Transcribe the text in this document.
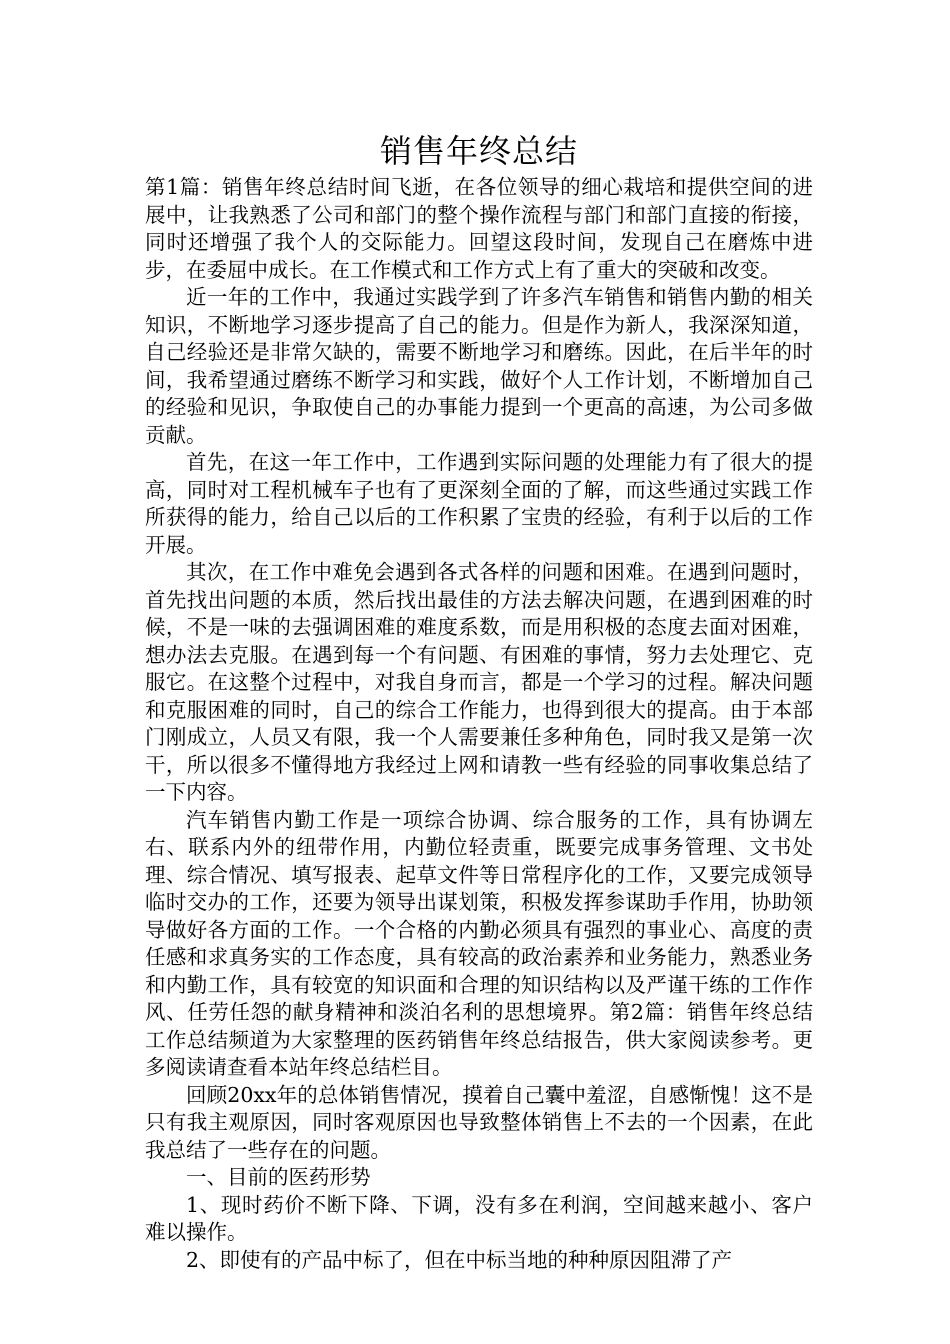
销售年终总结

第1篇：销售年终总结时间飞逝，在各位领导的细心栽培和提供空间的进展中，让我熟悉了公司和部门的整个操作流程与部门和部门直接的衔接，同时还增强了我个人的交际能力。回望这段时间，发现自己在磨炼中进步，在委屈中成长。在工作模式和工作方式上有了重大的突破和改变。

近一年的工作中，我通过实践学到了许多汽车销售和销售内勤的相关知识，不断地学习逐步提高了自己的能力。但是作为新人，我深深知道，自己经验还是非常欠缺的，需要不断地学习和磨练。因此，在后半年的时间，我希望通过磨练不断学习和实践，做好个人工作计划，不断增加自己的经验和见识，争取使自己的办事能力提到一个更高的高速，为公司多做贡献。

首先，在这一年工作中，工作遇到实际问题的处理能力有了很大的提高，同时对工程机械车子也有了更深刻全面的了解，而这些通过实践工作所获得的能力，给自己以后的工作积累了宝贵的经验，有利于以后的工作开展。

其次，在工作中难免会遇到各式各样的问题和困难。在遇到问题时，首先找出问题的本质，然后找出最佳的方法去解决问题，在遇到困难的时候，不是一味的去强调困难的难度系数，而是用积极的态度去面对困难，想办法去克服。在遇到每一个有问题、有困难的事情，努力去处理它、克服它。在这整个过程中，对我自身而言，都是一个学习的过程。解决问题和克服困难的同时，自己的综合工作能力，也得到很大的提高。由于本部门刚成立，人员又有限，我一个人需要兼任多种角色，同时我又是第一次干，所以很多不懂得地方我经过上网和请教一些有经验的同事收集总结了一下内容。

汽车销售内勤工作是一项综合协调、综合服务的工作，具有协调左右、联系内外的纽带作用，内勤位轻责重，既要完成事务管理、文书处理、综合情况、填写报表、起草文件等日常程序化的工作，又要完成领导临时交办的工作，还要为领导出谋划策，积极发挥参谋助手作用，协助领导做好各方面的工作。一个合格的内勤必须具有强烈的事业心、高度的责任感和求真务实的工作态度，具有较高的政治素养和业务能力，熟悉业务和内勤工作，具有较宽的知识面和合理的知识结构以及严谨干练的工作作风、任劳任怨的献身精神和淡泊名利的思想境界。第2篇：销售年终总结工作总结频道为大家整理的医药销售年终总结报告，供大家阅读参考。更多阅读请查看本站年终总结栏目。

回顾20xx年的总体销售情况，摸着自己囊中羞涩，自感惭愧！这不是只有我主观原因，同时客观原因也导致整体销售上不去的一个因素，在此我总结了一些存在的问题。

一、目前的医药形势

1、现时药价不断下降、下调，没有多在利润，空间越来越小、客户难以操作。

2、即使有的产品中标了，但在中标当地的种种原因阻滞了产
